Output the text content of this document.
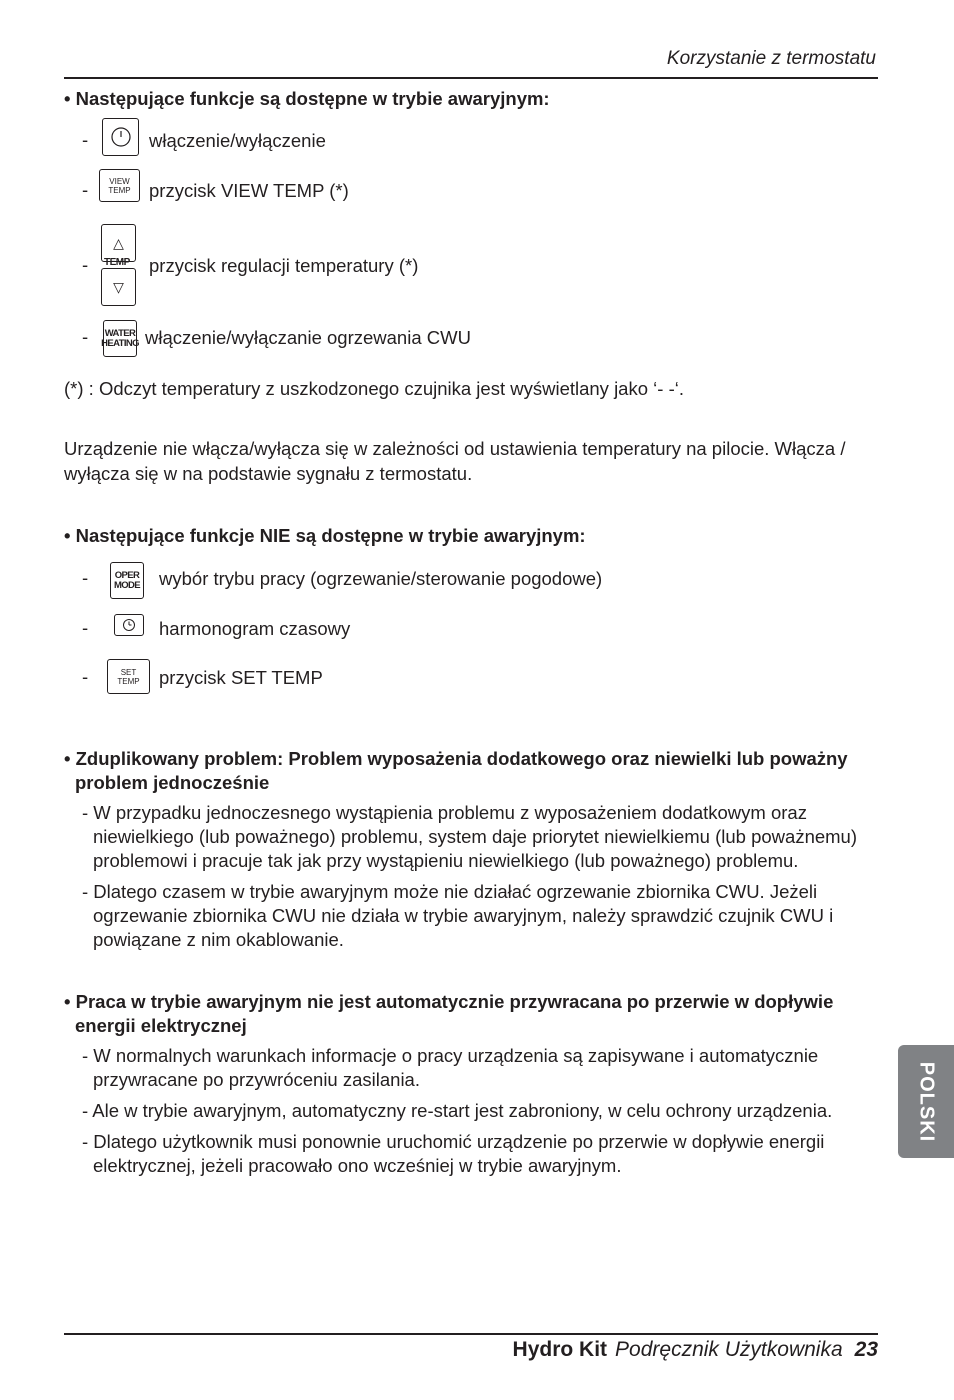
Korzystanie z termostatu
• Następujące funkcje są dostępne w trybie awaryjnym:
-	włączenie/wyłączenie
-	VIEW
TEMP przycisk VIEW TEMP (*)
-
△
TEMP
▽
przycisk regulacji temperatury (*)
- WATER
HEATING włączenie/wyłączanie ogrzewania CWU
(*) : Odczyt temperatury z uszkodzonego czujnika jest wyświetlany jako ‘- -‘.
Urządzenie nie włącza/wyłącza się w zależności od ustawienia temperatury na pilocie. Włącza / wyłącza się w na podstawie sygnału z termostatu.
• Następujące funkcje NIE są dostępne w trybie awaryjnym:
-	OPER
MODE wybór trybu pracy (ogrzewanie/sterowanie pogodowe)
-	harmonogram czasowy
-	SET
TEMP przycisk SET TEMP
• Zduplikowany problem: Problem wyposażenia dodatkowego oraz niewielki lub poważny
problem jednocześnie
- W przypadku jednoczesnego wystąpienia problemu z wyposażeniem dodatkowym oraz
niewielkiego (lub poważnego) problemu, system daje priorytet niewielkiemu (lub poważnemu)
problemowi i pracuje tak jak przy wystąpieniu niewielkiego (lub poważnego) problemu.
- Dlatego czasem w trybie awaryjnym może nie działać ogrzewanie zbiornika CWU. Jeżeli
ogrzewanie zbiornika CWU nie działa w trybie awaryjnym, należy sprawdzić czujnik CWU i
powiązane z nim okablowanie.
• Praca w trybie awaryjnym nie jest automatycznie przywracana po przerwie w dopływie
energii elektrycznej
- W normalnych warunkach informacje o pracy urządzenia są zapisywane i automatycznie
przywracane po przywróceniu zasilania.
- Ale w trybie awaryjnym, automatyczny re-start jest zabroniony, w celu ochrony urządzenia.
- Dlatego użytkownik musi ponownie uruchomić urządzenie po przerwie w dopływie energii
elektrycznej, jeżeli pracowało ono wcześniej w trybie awaryjnym.
POLSKI
Hydro Kit Podręcznik Użytkownika 23
